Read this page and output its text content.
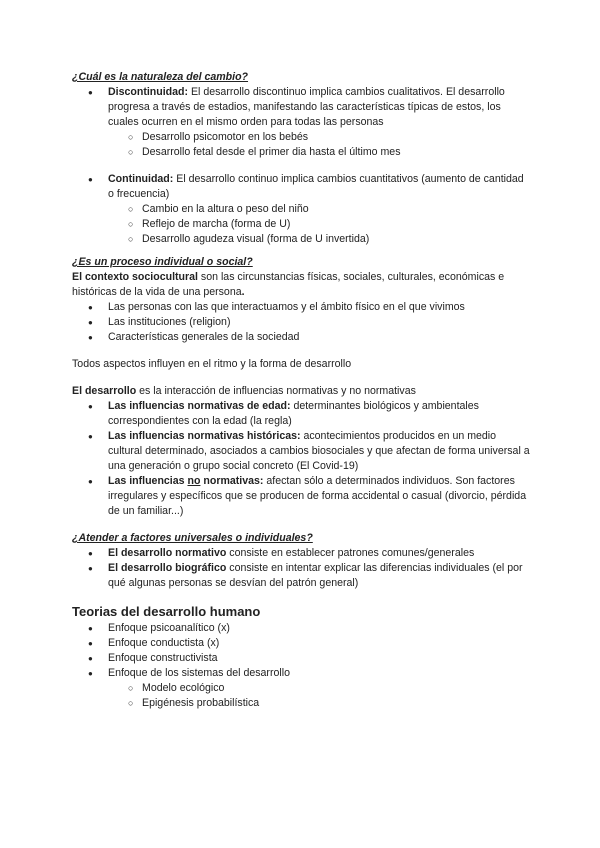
¿Cuál es la naturaleza del cambio?

● Discontinuidad: El desarrollo discontinuo implica cambios cualitativos. El desarrollo progresa a través de estadios, manifestando las características típicas de estos, los cuales ocurren en el mismo orden para todas las personas
○ Desarrollo psicomotor en los bebés
○ Desarrollo fetal desde el primer dia hasta el último mes
● Continuidad: El desarrollo continuo implica cambios cuantitativos (aumento de cantidad o frecuencia)
○ Cambio en la altura o peso del niño
○ Reflejo de marcha (forma de U)
○ Desarrollo agudeza visual (forma de U invertida)

¿Es un proceso individual o social?

El contexto sociocultural son las circunstancias físicas, sociales, culturales, económicas e históricas de la vida de una persona.

● Las personas con las que interactuamos y el ámbito físico en el que vivimos
● Las instituciones (religion)
● Características generales de la sociedad

Todos aspectos influyen en el ritmo y la forma de desarrollo

El desarrollo es la interacción de influencias normativas y no normativas

● Las influencias normativas de edad: determinantes biológicos y ambientales correspondientes con la edad (la regla)
● Las influencias normativas históricas: acontecimientos producidos en un medio cultural determinado, asociados a cambios biosociales y que afectan de forma universal a una generación o grupo social concreto (El Covid-19)
● Las influencias no normativas: afectan sólo a determinados individuos. Son factores irregulares y específicos que se producen de forma accidental o casual (divorcio, pérdida de un familiar...)

¿Atender a factores universales o individuales?

● El desarrollo normativo consiste en establecer patrones comunes/generales
● El desarrollo biográfico consiste en intentar explicar las diferencias individuales (el por qué algunas personas se desvían del patrón general)

Teorias del desarrollo humano

● Enfoque psicoanalítico (x)
● Enfoque conductista (x)
● Enfoque constructivista
● Enfoque de los sistemas del desarrollo
○ Modelo ecológico
○ Epigénesis probabilística
